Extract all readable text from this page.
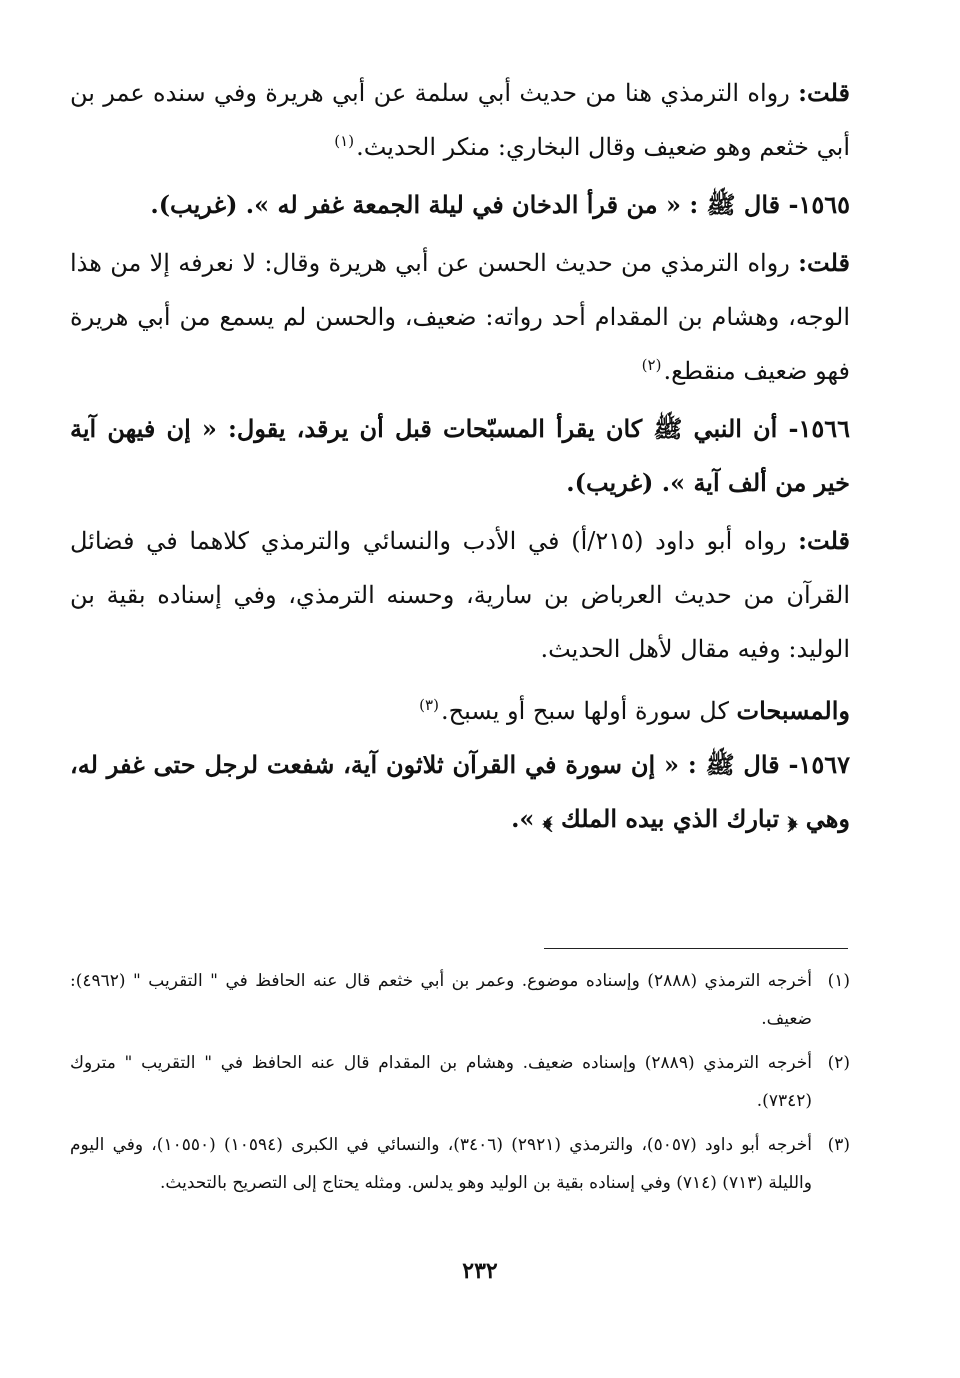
قلت: رواه الترمذي هنا من حديث أبي سلمة عن أبي هريرة وفي سنده عمر بن أبي خثعم وهو ضعيف وقال البخاري: منكر الحديث.$^{(١)}$

١٥٦٥- قال ﷺ : « من قرأ الدخان في ليلة الجمعة غفر له ». (غريب).

قلت: رواه الترمذي من حديث الحسن عن أبي هريرة وقال: لا نعرفه إلا من هذا الوجه، وهشام بن المقدام أحد رواته: ضعيف، والحسن لم يسمع من أبي هريرة فهو ضعيف منقطع.$^{(٢)}$

١٥٦٦- أن النبي ﷺ كان يقرأ المسبّحات قبل أن يرقد، يقول: « إن فيهن آية خير من ألف آية ». (غريب).

قلت: رواه أبو داود (٢١٥/أ) في الأدب والنسائي والترمذي كلاهما في فضائل القرآن من حديث العرباض بن سارية، وحسنه الترمذي، وفي إسناده بقية بن الوليد: وفيه مقال لأهل الحديث.

والمسبحات كل سورة أولها سبح أو يسبح.$^{(٣)}$

١٥٦٧- قال ﷺ : « إن سورة في القرآن ثلاثون آية، شفعت لرجل حتى غفر له، وهي ﴿ تبارك الذي بيده الملك ﴾ ».

(١)
أخرجه الترمذي (٢٨٨٨) وإسناده موضوع. وعمر بن أبي خثعم قال عنه الحافظ في " التقريب " (٤٩٦٢): ضعيف.
(٢)
أخرجه الترمذي (٢٨٨٩) وإسناده ضعيف. وهشام بن المقدام قال عنه الحافظ في " التقريب " متروك (٧٣٤٢).
(٣)
أخرجه أبو داود (٥٠٥٧)، والترمذي (٢٩٢١) (٣٤٠٦)، والنسائي في الكبرى (١٠٥٩٤) (١٠٥٥٠)، وفي اليوم والليلة (٧١٣) (٧١٤) وفي إسناده بقية بن الوليد وهو يدلس. ومثله يحتاج إلى التصريح بالتحديث.
٢٣٢
